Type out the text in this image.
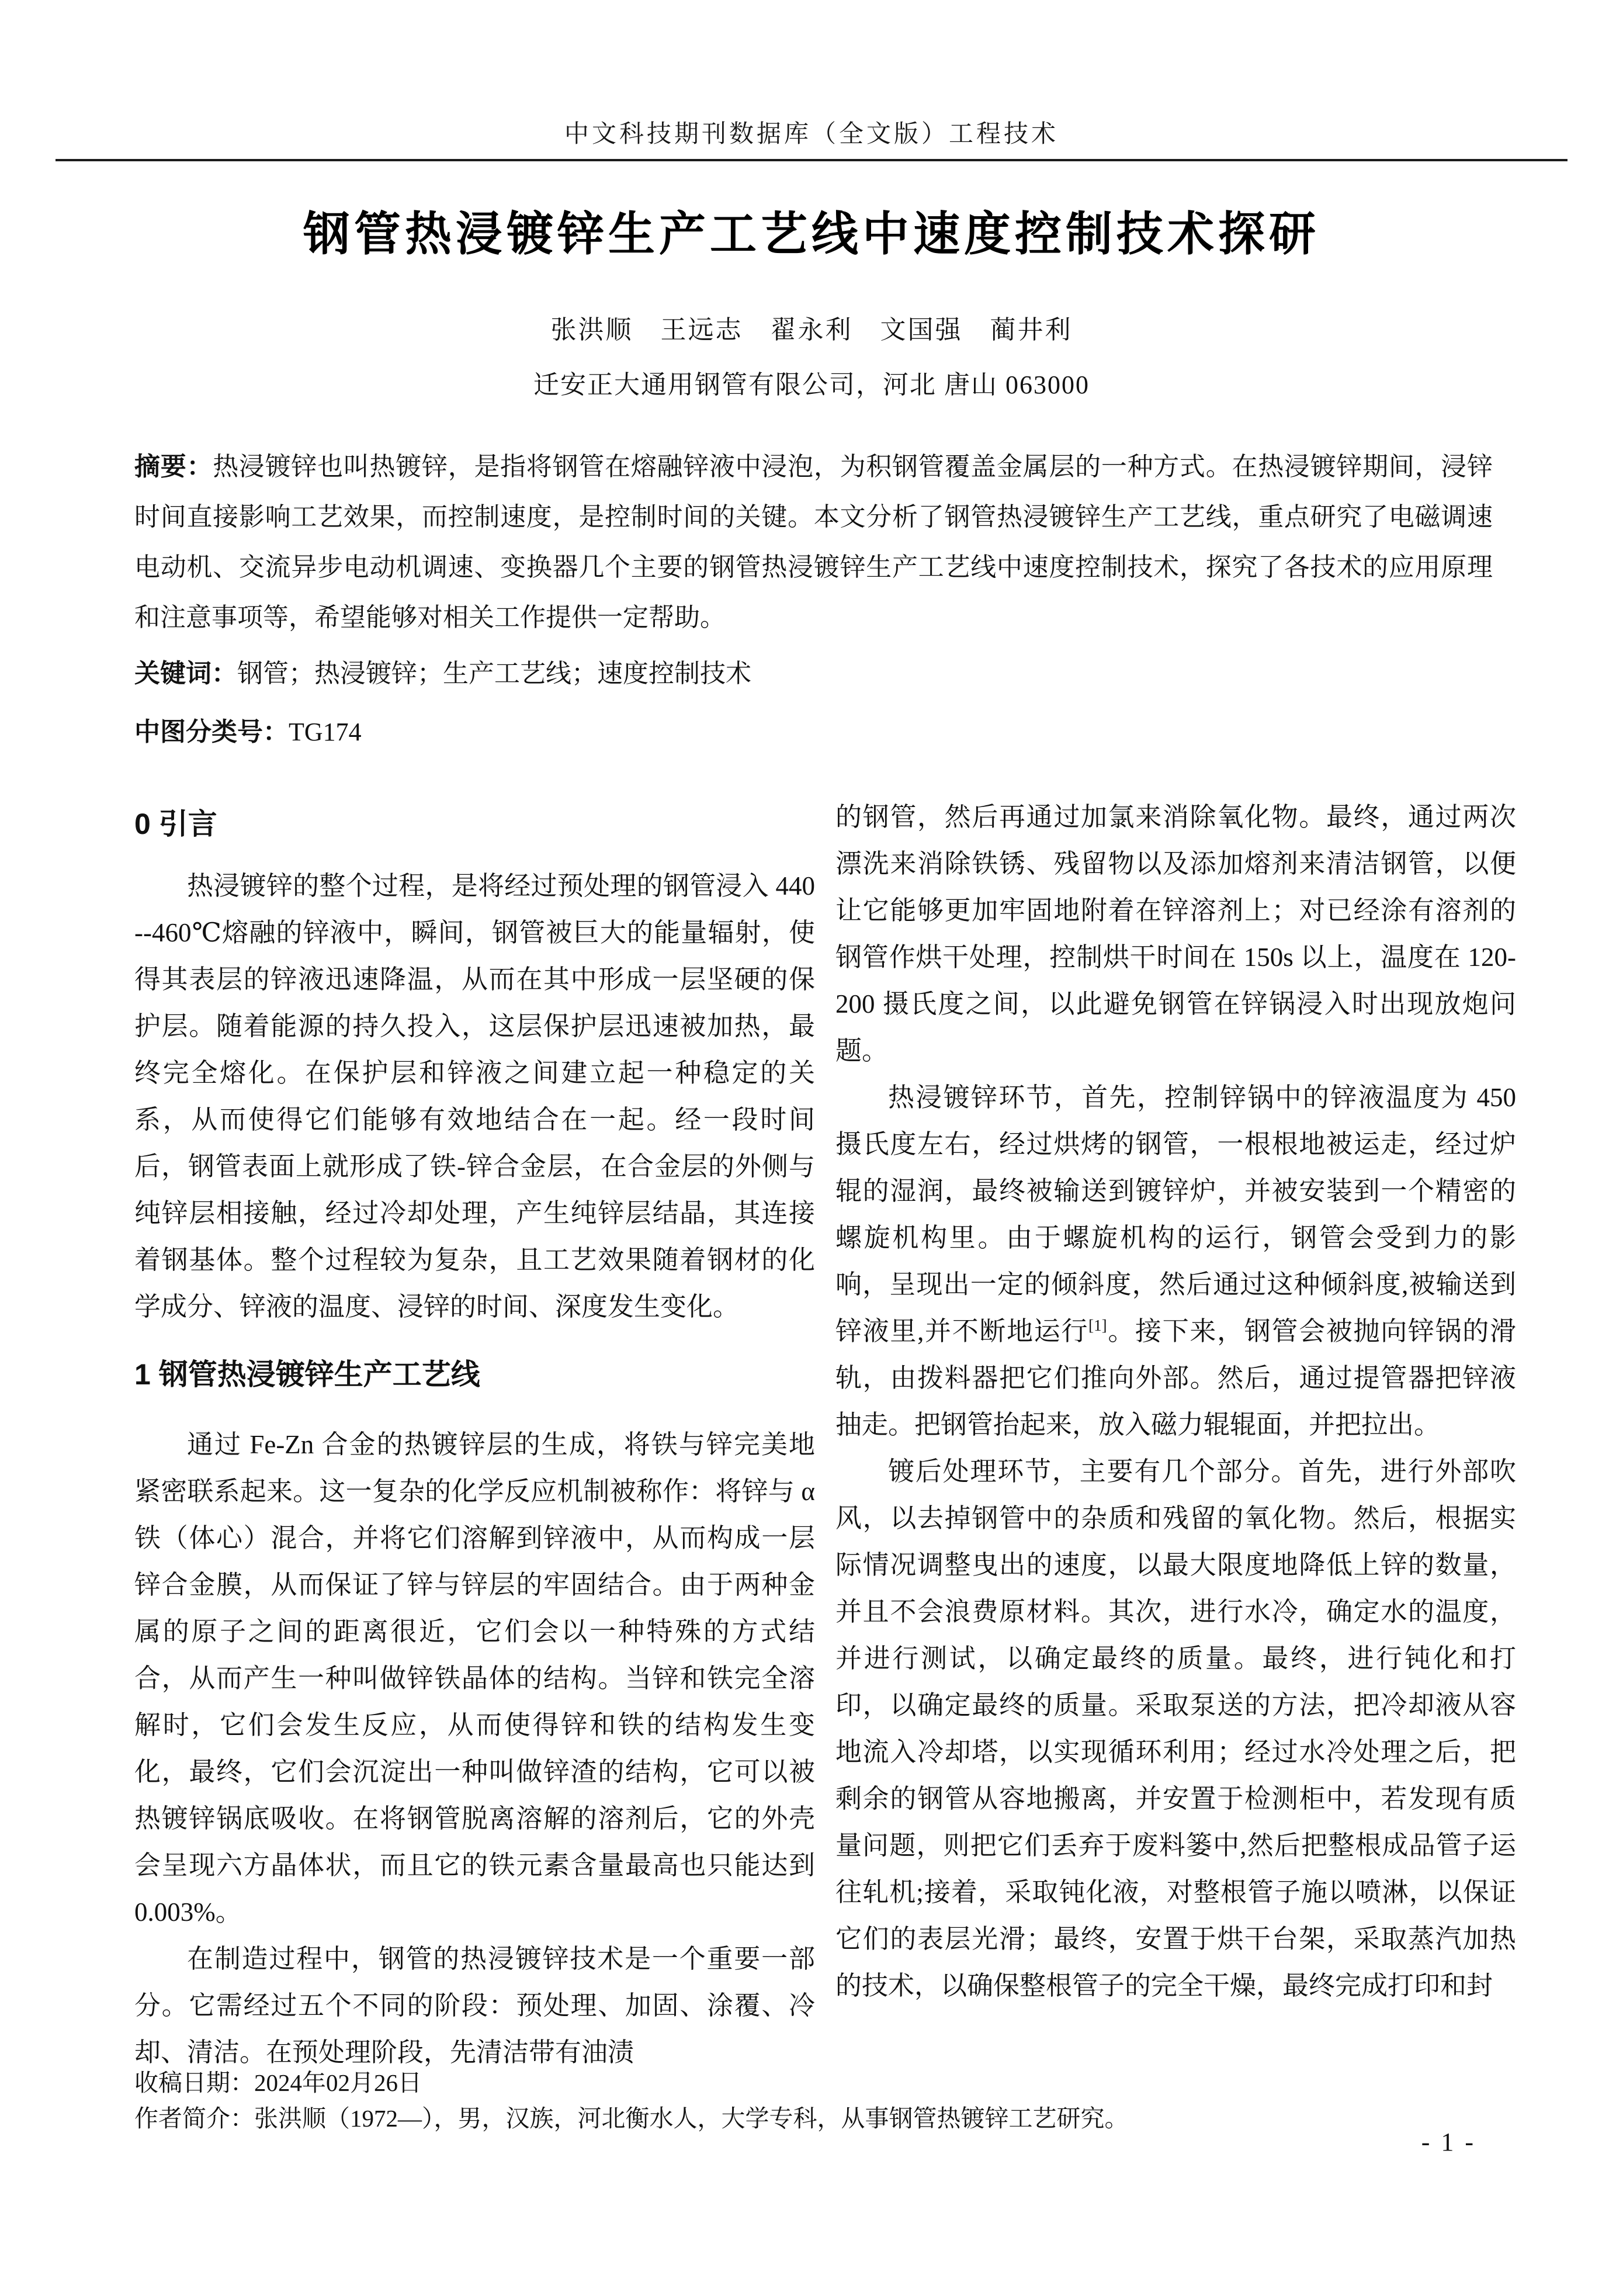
中文科技期刊数据库（全文版）工程技术
钢管热浸镀锌生产工艺线中速度控制技术探研
张洪顺　王远志　翟永利　文国强　蔺井利
迁安正大通用钢管有限公司，河北 唐山 063000

摘要：热浸镀锌也叫热镀锌，是指将钢管在熔融锌液中浸泡，为积钢管覆盖金属层的一种方式。在热浸镀锌期间，浸锌时间直接影响工艺效果，而控制速度，是控制时间的关键。本文分析了钢管热浸镀锌生产工艺线，重点研究了电磁调速电动机、交流异步电动机调速、变换器几个主要的钢管热浸镀锌生产工艺线中速度控制技术，探究了各技术的应用原理和注意事项等，希望能够对相关工作提供一定帮助。

关键词：钢管；热浸镀锌；生产工艺线；速度控制技术

中图分类号：TG174

0 引言

热浸镀锌的整个过程，是将经过预处理的钢管浸入 440--460℃熔融的锌液中，瞬间，钢管被巨大的能量辐射，使得其表层的锌液迅速降温，从而在其中形成一层坚硬的保护层。随着能源的持久投入，这层保护层迅速被加热，最终完全熔化。在保护层和锌液之间建立起一种稳定的关系，从而使得它们能够有效地结合在一起。经一段时间后，钢管表面上就形成了铁-锌合金层，在合金层的外侧与纯锌层相接触，经过冷却处理，产生纯锌层结晶，其连接着钢基体。整个过程较为复杂，且工艺效果随着钢材的化学成分、锌液的温度、浸锌的时间、深度发生变化。

1 钢管热浸镀锌生产工艺线

通过 Fe-Zn 合金的热镀锌层的生成，将铁与锌完美地紧密联系起来。这一复杂的化学反应机制被称作：将锌与 α 铁（体心）混合，并将它们溶解到锌液中，从而构成一层锌合金膜，从而保证了锌与锌层的牢固结合。由于两种金属的原子之间的距离很近，它们会以一种特殊的方式结合，从而产生一种叫做锌铁晶体的结构。当锌和铁完全溶解时，它们会发生反应，从而使得锌和铁的结构发生变化，最终，它们会沉淀出一种叫做锌渣的结构，它可以被热镀锌锅底吸收。在将钢管脱离溶解的溶剂后，它的外壳会呈现六方晶体状，而且它的铁元素含量最高也只能达到 0.003%。

在制造过程中，钢管的热浸镀锌技术是一个重要一部分。它需经过五个不同的阶段：预处理、加固、涂覆、冷却、清洁。在预处理阶段，先清洁带有油渍

的钢管，然后再通过加氯来消除氧化物。最终，通过两次漂洗来消除铁锈、残留物以及添加熔剂来清洁钢管，以便让它能够更加牢固地附着在锌溶剂上；对已经涂有溶剂的钢管作烘干处理，控制烘干时间在 150s 以上，温度在 120-200 摄氏度之间，以此避免钢管在锌锅浸入时出现放炮问题。

热浸镀锌环节，首先，控制锌锅中的锌液温度为 450 摄氏度左右，经过烘烤的钢管，一根根地被运走，经过炉辊的湿润，最终被输送到镀锌炉，并被安装到一个精密的螺旋机构里。由于螺旋机构的运行，钢管会受到力的影响，呈现出一定的倾斜度，然后通过这种倾斜度,被输送到锌液里,并不断地运行[1]。接下来，钢管会被抛向锌锅的滑轨，由拨料器把它们推向外部。然后，通过提管器把锌液抽走。把钢管抬起来，放入磁力辊辊面，并把拉出。

镀后处理环节，主要有几个部分。首先，进行外部吹风，以去掉钢管中的杂质和残留的氧化物。然后，根据实际情况调整曳出的速度，以最大限度地降低上锌的数量，并且不会浪费原材料。其次，进行水冷，确定水的温度，并进行测试，以确定最终的质量。最终，进行钝化和打印，以确定最终的质量。采取泵送的方法，把冷却液从容地流入冷却塔，以实现循环利用；经过水冷处理之后，把剩余的钢管从容地搬离，并安置于检测柜中，若发现有质量问题，则把它们丢弃于废料篓中,然后把整根成品管子运往轧机;接着，采取钝化液，对整根管子施以喷淋，以保证它们的表层光滑；最终，安置于烘干台架，采取蒸汽加热的技术，以确保整根管子的完全干燥，最终完成打印和封

收稿日期：2024年02月26日

作者简介：张洪顺（1972—），男，汉族，河北衡水人，大学专科，从事钢管热镀锌工艺研究。

- 1 -
